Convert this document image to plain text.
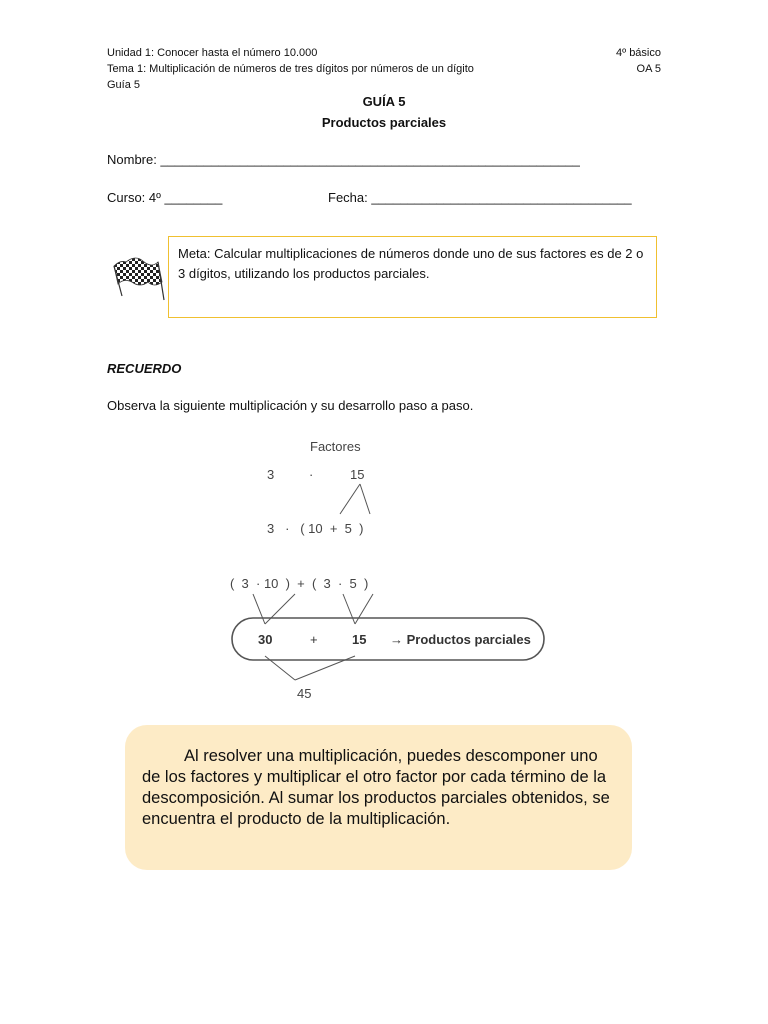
Unidad 1: Conocer hasta el número 10.000
Tema 1: Multiplicación de números de tres dígitos por números de un dígito
Guía 5
4º básico
OA 5
GUÍA 5
Productos parciales
Nombre: __________________________________________________________
Curso: 4º ________	Fecha: ____________________________________
Meta: Calcular multiplicaciones de números donde uno de sus factores es de 2 o 3 dígitos, utilizando los productos parciales.
RECUERDO
Observa la siguiente multiplicación y su desarrollo paso a paso.
Factores
3	·	15
3   ·   ( 10  +  5  )
(  3  · 10  )  +  (  3  ·  5  )
30	+	15 → Productos parciales
45
Al resolver una multiplicación, puedes descomponer uno de los factores y multiplicar el otro factor por cada término de la descomposición. Al sumar los productos parciales obtenidos, se encuentra el producto de la multiplicación.
